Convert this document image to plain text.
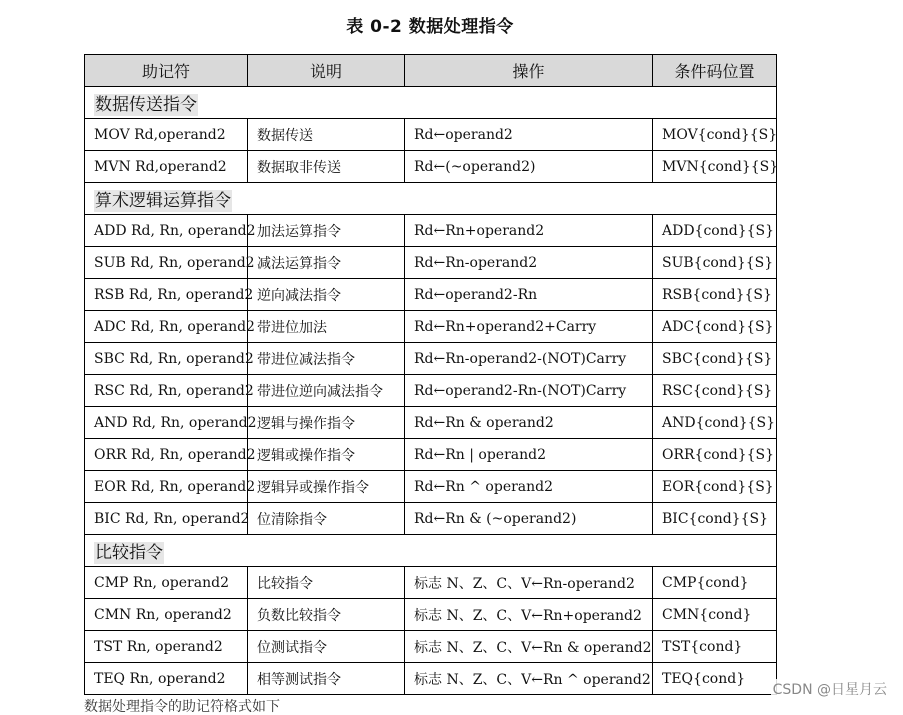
表 0-2 数据处理指令
助记符	说明	操作	条件码位置
数据传送指令			
MOV Rd,operand2	数据传送	Rd←operand2	MOV{cond}{S}
MVN Rd,operand2	数据取非传送	Rd←(~operand2)	MVN{cond}{S}
算术逻辑运算指令			
ADD Rd, Rn, operand2	加法运算指令	Rd←Rn+operand2	ADD{cond}{S}
SUB Rd, Rn, operand2	减法运算指令	Rd←Rn-operand2	SUB{cond}{S}
RSB Rd, Rn, operand2	逆向减法指令	Rd←operand2-Rn	RSB{cond}{S}
ADC Rd, Rn, operand2	带进位加法	Rd←Rn+operand2+Carry	ADC{cond}{S}
SBC Rd, Rn, operand2	带进位减法指令	Rd←Rn-operand2-(NOT)Carry	SBC{cond}{S}
RSC Rd, Rn, operand2	带进位逆向减法指令	Rd←operand2-Rn-(NOT)Carry	RSC{cond}{S}
AND Rd, Rn, operand2	逻辑与操作指令	Rd←Rn & operand2	AND{cond}{S}
ORR Rd, Rn, operand2	逻辑或操作指令	Rd←Rn | operand2	ORR{cond}{S}
EOR Rd, Rn, operand2	逻辑异或操作指令	Rd←Rn ^ operand2	EOR{cond}{S}
BIC Rd, Rn, operand2	位清除指令	Rd←Rn & (~operand2)	BIC{cond}{S}
比较指令			
CMP Rn, operand2	比较指令	标志 N、Z、C、V←Rn-operand2	CMP{cond}
CMN Rn, operand2	负数比较指令	标志 N、Z、C、V←Rn+operand2	CMN{cond}
TST Rn, operand2	位测试指令	标志 N、Z、C、V←Rn & operand2	TST{cond}
TEQ Rn, operand2	相等测试指令	标志 N、Z、C、V←Rn ^ operand2	TEQ{cond}
数据处理指令的助记符格式如下
CSDN @日星月云
